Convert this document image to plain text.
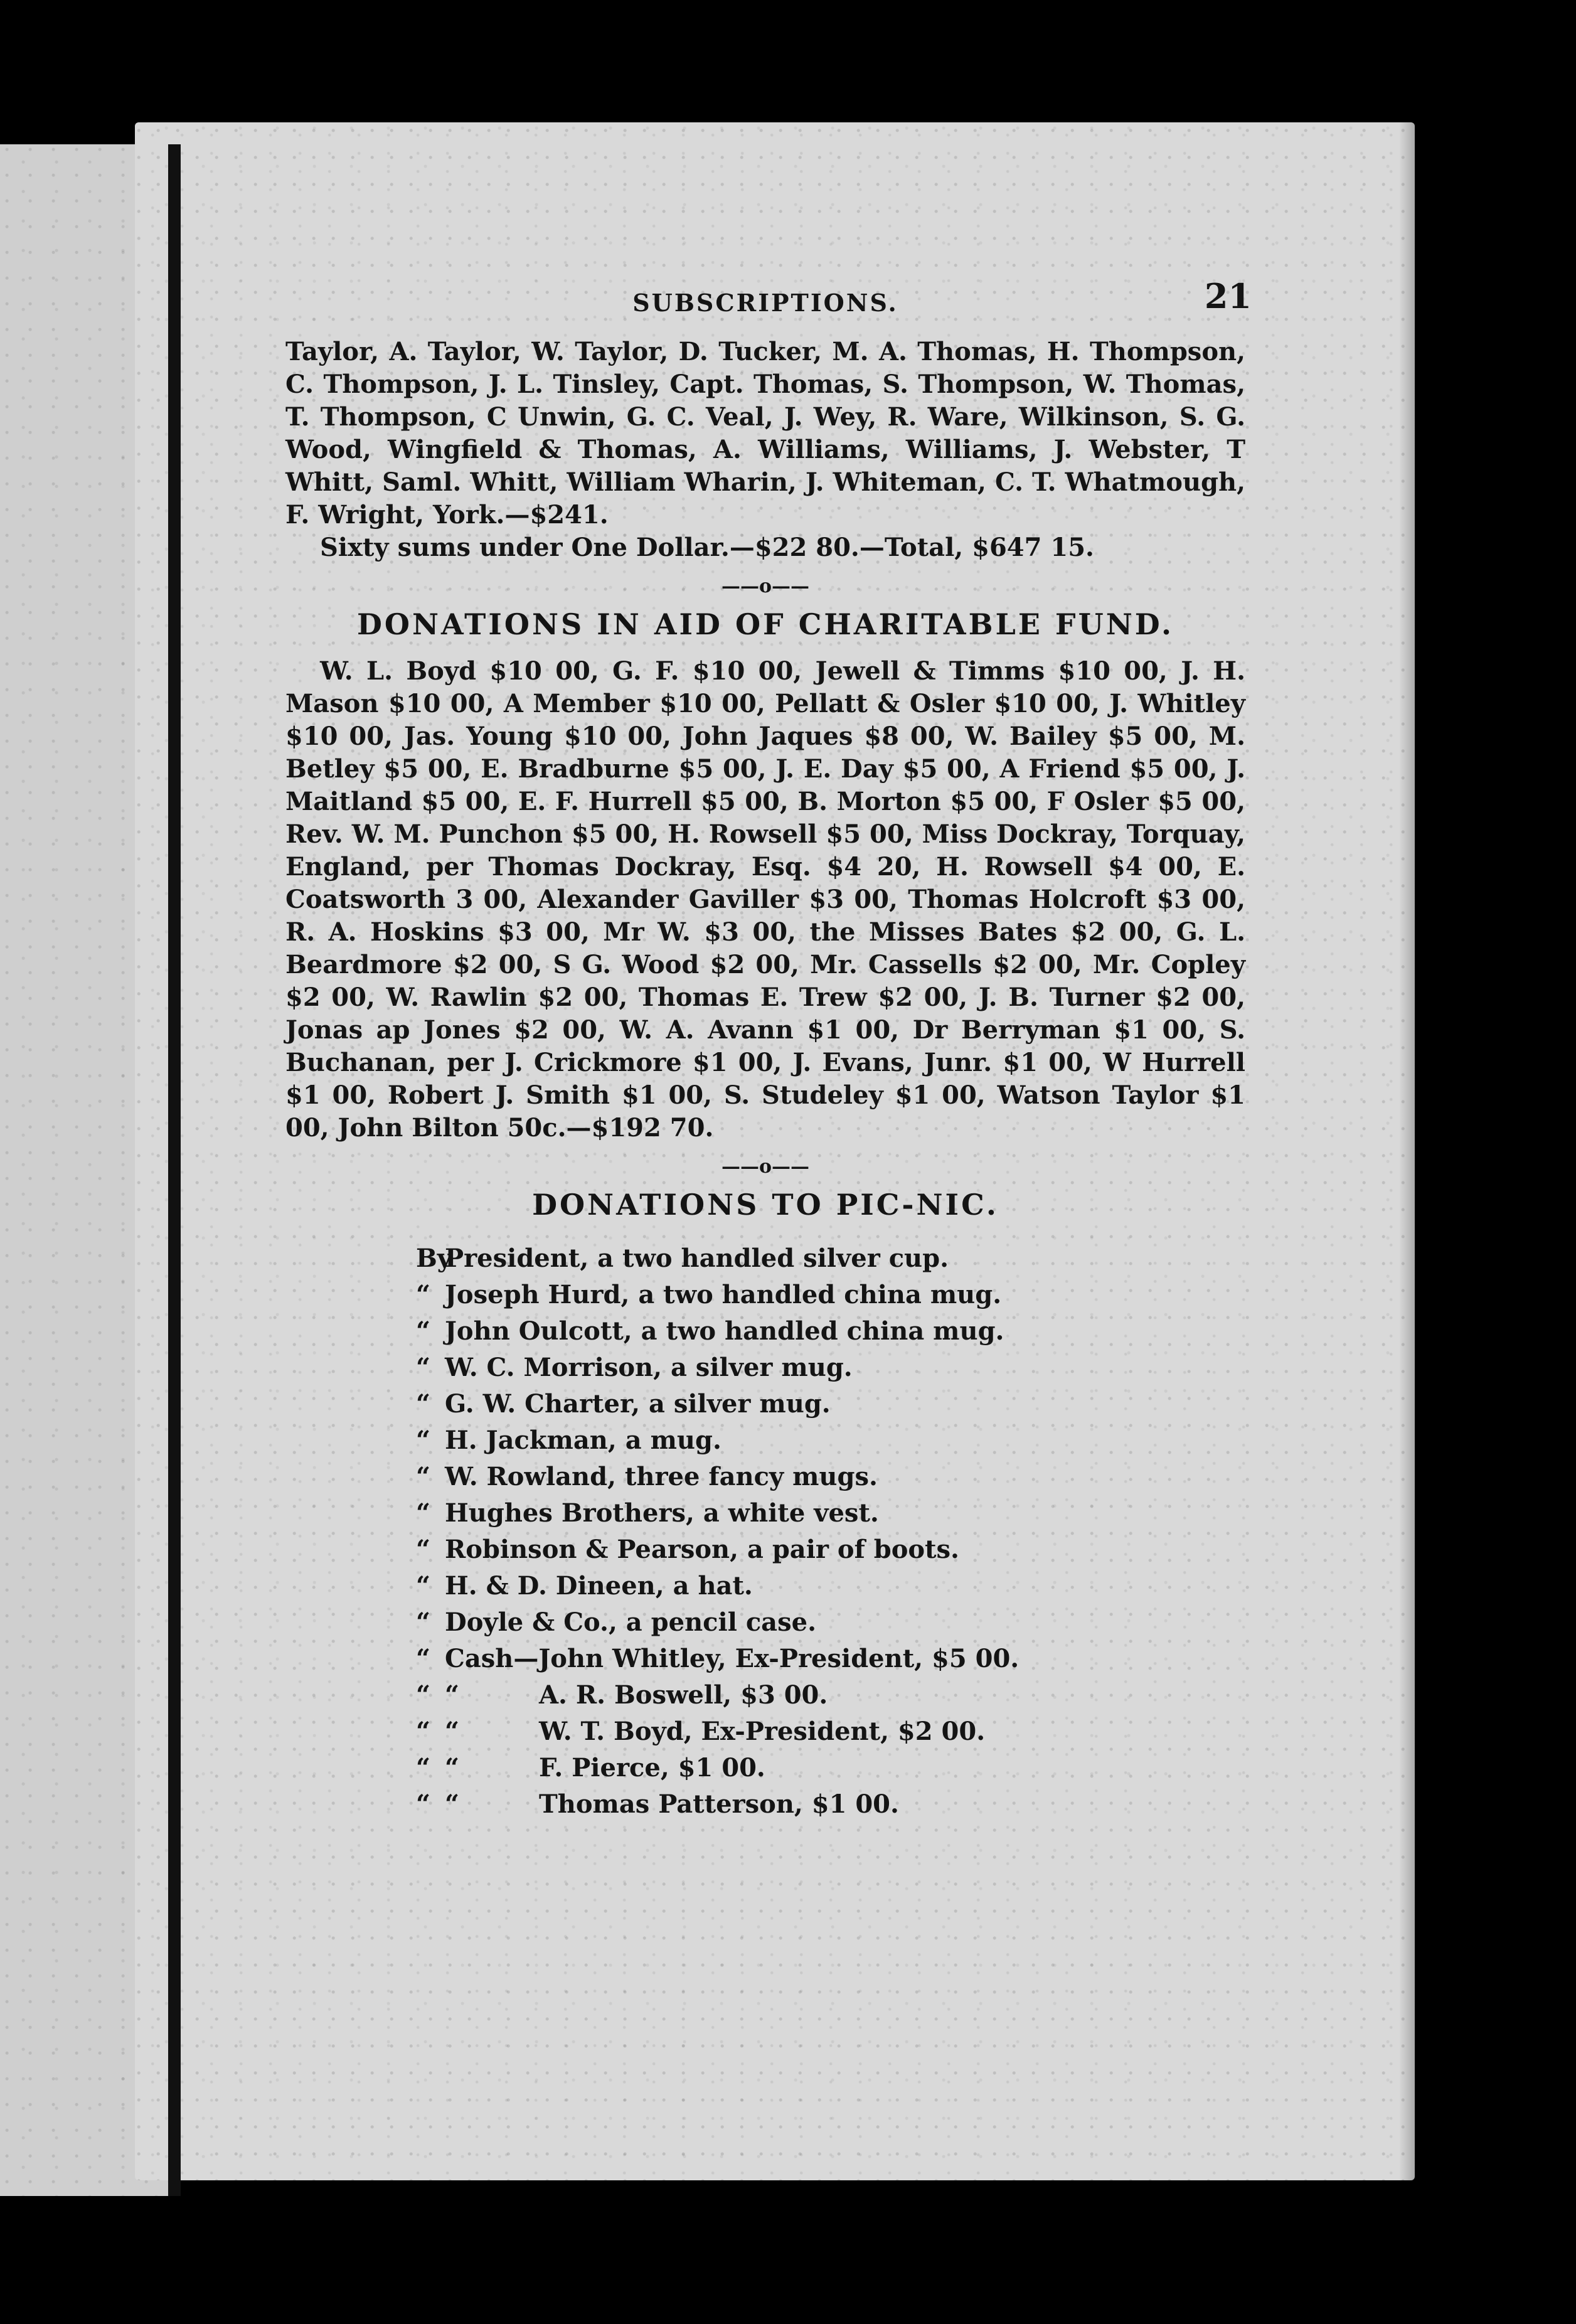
SUBSCRIPTIONS.	21

Taylor, A. Taylor, W. Taylor, D. Tucker, M. A. Thomas, H. Thompson, C. Thompson, J. L. Tinsley, Capt. Thomas, S. Thompson, W. Thomas, T. Thompson, C Unwin, G. C. Veal, J. Wey, R. Ware, Wilkinson, S. G. Wood, Wingfield & Thomas, A. Williams, Williams, J. Webster, T Whitt, Saml. Whitt, William Wharin, J. Whiteman, C. T. Whatmough, F. Wright, York.—$241.

Sixty sums under One Dollar.—$22 80.—Total, $647 15.

——o——
DONATIONS IN AID OF CHARITABLE FUND.

W. L. Boyd $10 00, G. F. $10 00, Jewell & Timms $10 00, J. H. Mason $10 00, A Member $10 00, Pellatt & Osler $10 00, J. Whitley $10 00, Jas. Young $10 00, John Jaques $8 00, W. Bailey $5 00, M. Betley $5 00, E. Bradburne $5 00, J. E. Day $5 00, A Friend $5 00, J. Maitland $5 00, E. F. Hurrell $5 00, B. Morton $5 00, F Osler $5 00, Rev. W. M. Punchon $5 00, H. Rowsell $5 00, Miss Dockray, Torquay, England, per Thomas Dockray, Esq. $4 20, H. Rowsell $4 00, E. Coatsworth 3 00, Alexander Gaviller $3 00, Thomas Holcroft $3 00, R. A. Hoskins $3 00, Mr W. $3 00, the Misses Bates $2 00, G. L. Beardmore $2 00, S G. Wood $2 00, Mr. Cassells $2 00, Mr. Copley $2 00, W. Rawlin $2 00, Thomas E. Trew $2 00, J. B. Turner $2 00, Jonas ap Jones $2 00, W. A. Avann $1 00, Dr Berryman $1 00, S. Buchanan, per J. Crickmore $1 00, J. Evans, Junr. $1 00, W Hurrell $1 00, Robert J. Smith $1 00, S. Studeley $1 00, Watson Taylor $1 00, John Bilton 50c.—$192 70.

——o——
DONATIONS TO PIC-NIC.
ByPresident, a two handled silver cup.
“ Joseph Hurd, a two handled china mug.
“ John Oulcott, a two handled china mug.
“ W. C. Morrison, a silver mug.
“ G. W. Charter, a silver mug.
“ H. Jackman, a mug.
“ W. Rowland, three fancy mugs.
“ Hughes Brothers, a white vest.
“ Robinson & Pearson, a pair of boots.
“ H. & D. Dineen, a hat.
“ Doyle & Co., a pencil case.
“ Cash—John Whitley, Ex-President, $5 00.
“ “	A. R. Boswell, $3 00.
“ “	W. T. Boyd, Ex-President, $2 00.
“ “	F. Pierce, $1 00.
“ “	Thomas Patterson, $1 00.
